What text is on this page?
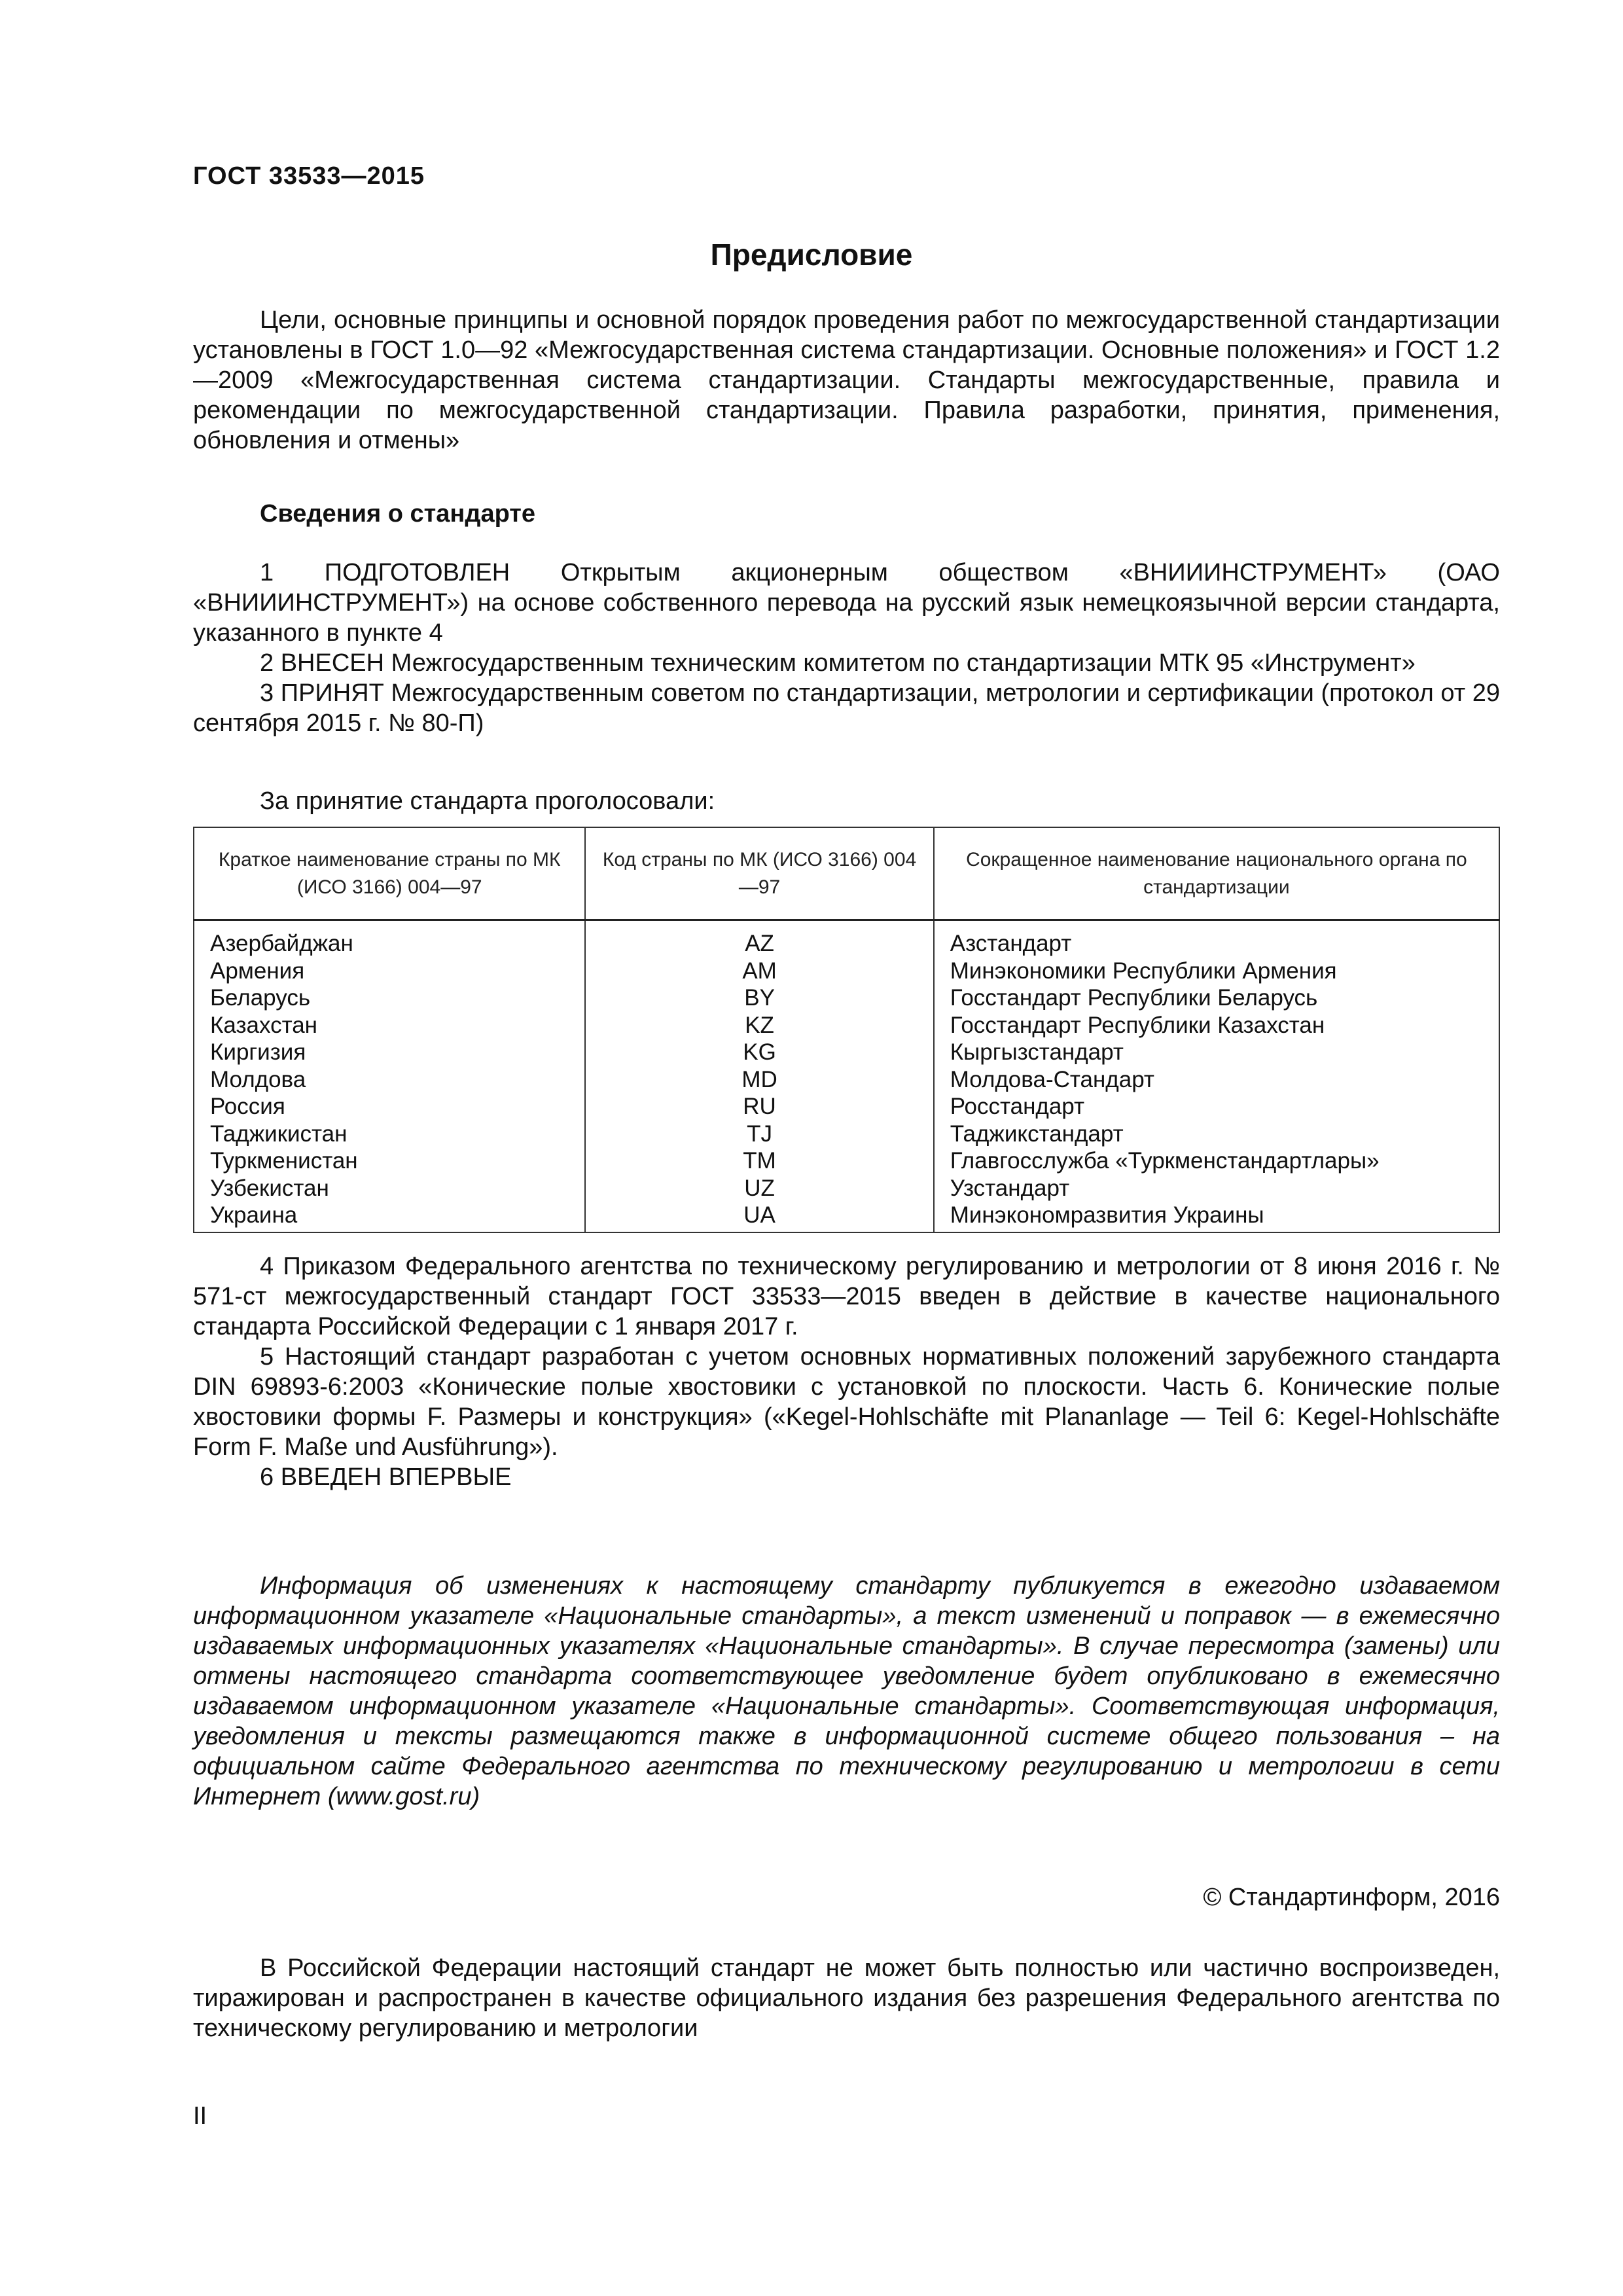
ГОСТ 33533—2015
Предисловие

Цели, основные принципы и основной порядок проведения работ по межгосударственной стандартизации установлены в ГОСТ 1.0—92 «Межгосударственная система стандартизации. Основные положения» и ГОСТ 1.2—2009 «Межгосударственная система стандартизации. Стандарты межгосударственные, правила и рекомендации по межгосударственной стандартизации. Правила разработки, принятия, применения, обновления и отмены»

Сведения о стандарте

1 ПОДГОТОВЛЕН Открытым акционерным обществом «ВНИИИНСТРУМЕНТ» (ОАО «ВНИИИНСТРУМЕНТ») на основе собственного перевода на русский язык немецкоязычной версии стандарта, указанного в пункте 4

2 ВНЕСЕН Межгосударственным техническим комитетом по стандартизации МТК 95 «Инструмент»

3 ПРИНЯТ Межгосударственным советом по стандартизации, метрологии и сертификации (протокол от 29 сентября 2015 г. № 80-П)

За принятие стандарта проголосовали:
Краткое наименование страны по МК (ИСО 3166) 004—97	Код страны по МК (ИСО 3166) 004—97	Сокращенное наименование национального органа по стандартизации
Азербайджан	AZ	Азстандарт
Армения	AM	Минэкономики Республики Армения
Беларусь	BY	Госстандарт Республики Беларусь
Казахстан	KZ	Госстандарт Республики Казахстан
Киргизия	KG	Кыргызстандарт
Молдова	MD	Молдова-Стандарт
Россия	RU	Росстандарт
Таджикистан	TJ	Таджикстандарт
Туркменистан	TM	Главгосслужба «Туркменстандартлары»
Узбекистан	UZ	Узстандарт
Украина	UA	Минэкономразвития Украины

4 Приказом Федерального агентства по техническому регулированию и метрологии от 8 июня 2016 г. № 571-ст межгосударственный стандарт ГОСТ 33533—2015 введен в действие в качестве национального стандарта Российской Федерации с 1 января 2017 г.

5 Настоящий стандарт разработан с учетом основных нормативных положений зарубежного стандарта DIN 69893-6:2003 «Конические полые хвостовики с установкой по плоскости. Часть 6. Конические полые хвостовики формы F. Размеры и конструкция» («Kegel-Hohlschäfte mit Plananlage — Teil 6: Kegel-Hohlschäfte Form F. Maße und Ausführung»).

6 ВВЕДЕН ВПЕРВЫЕ

Информация об изменениях к настоящему стандарту публикуется в ежегодно издаваемом информационном указателе «Национальные стандарты», а текст изменений и поправок — в ежемесячно издаваемых информационных указателях «Национальные стандарты». В случае пересмотра (замены) или отмены настоящего стандарта соответствующее уведомление будет опубликовано в ежемесячно издаваемом информационном указателе «Национальные стандарты». Соответствующая информация, уведомления и тексты размещаются также в информационной системе общего пользования – на официальном сайте Федерального агентства по техническому регулированию и метрологии в сети Интернет (www.gost.ru)

© Стандартинформ, 2016

В Российской Федерации настоящий стандарт не может быть полностью или частично воспроизведен, тиражирован и распространен в качестве официального издания без разрешения Федерального агентства по техническому регулированию и метрологии

II
